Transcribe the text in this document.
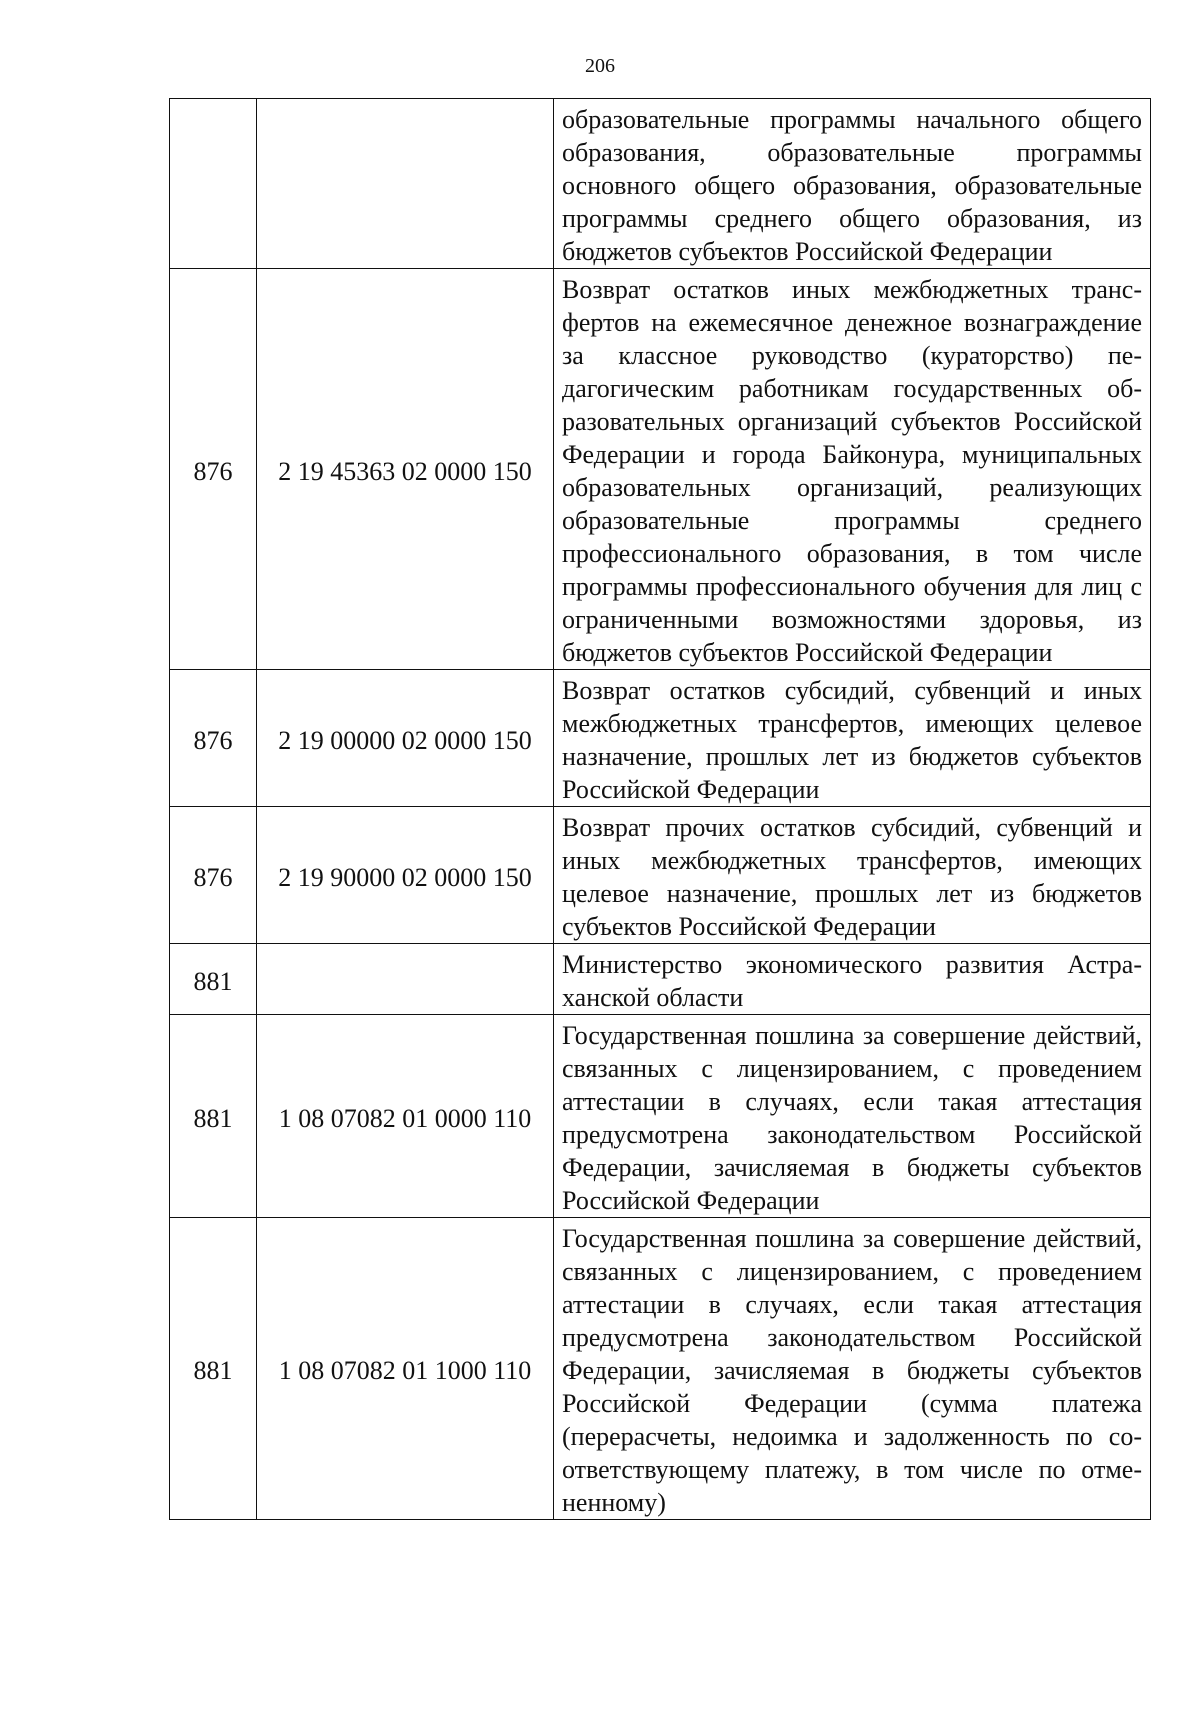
206
		образовательные программы начального общего образования, образовательные программы основного общего образования, образовательные программы среднего общего образования, из бюджетов субъектов Российской Федерации
876	2 19 45363 02 0000 150	Возврат остатков иных межбюджетных трансфертов на ежемесячное денежное вознаграждение за классное руководство (кураторство) педагогическим работникам государственных образовательных организаций субъектов Российской Федерации и города Байконура, муниципальных образовательных организаций, реализующих образовательные программы среднего профессионального образования, в том числе программы профессионального обучения для лиц с ограниченными возможностями здоровья, из бюджетов субъектов Российской Федерации
876	2 19 00000 02 0000 150	Возврат остатков субсидий, субвенций и иных межбюджетных трансфертов, имеющих целевое назначение, прошлых лет из бюджетов субъектов Российской Федерации
876	2 19 90000 02 0000 150	Возврат прочих остатков субсидий, субвенций и иных межбюджетных трансфертов, имеющих целевое назначение, прошлых лет из бюджетов субъектов Российской Федерации
881		Министерство экономического развития Астраханской области
881	1 08 07082 01 0000 110	Государственная пошлина за совершение действий, связанных с лицензированием, с проведением аттестации в случаях, если такая аттестация предусмотрена законодательством Российской Федерации, зачисляемая в бюджеты субъектов Российской Федерации
881	1 08 07082 01 1000 110	Государственная пошлина за совершение действий, связанных с лицензированием, с проведением аттестации в случаях, если такая аттестация предусмотрена законодательством Российской Федерации, зачисляемая в бюджеты субъектов Российской Федерации (сумма платежа (перерасчеты, недоимка и задолженность по соответствующему платежу, в том числе по отмененному)
